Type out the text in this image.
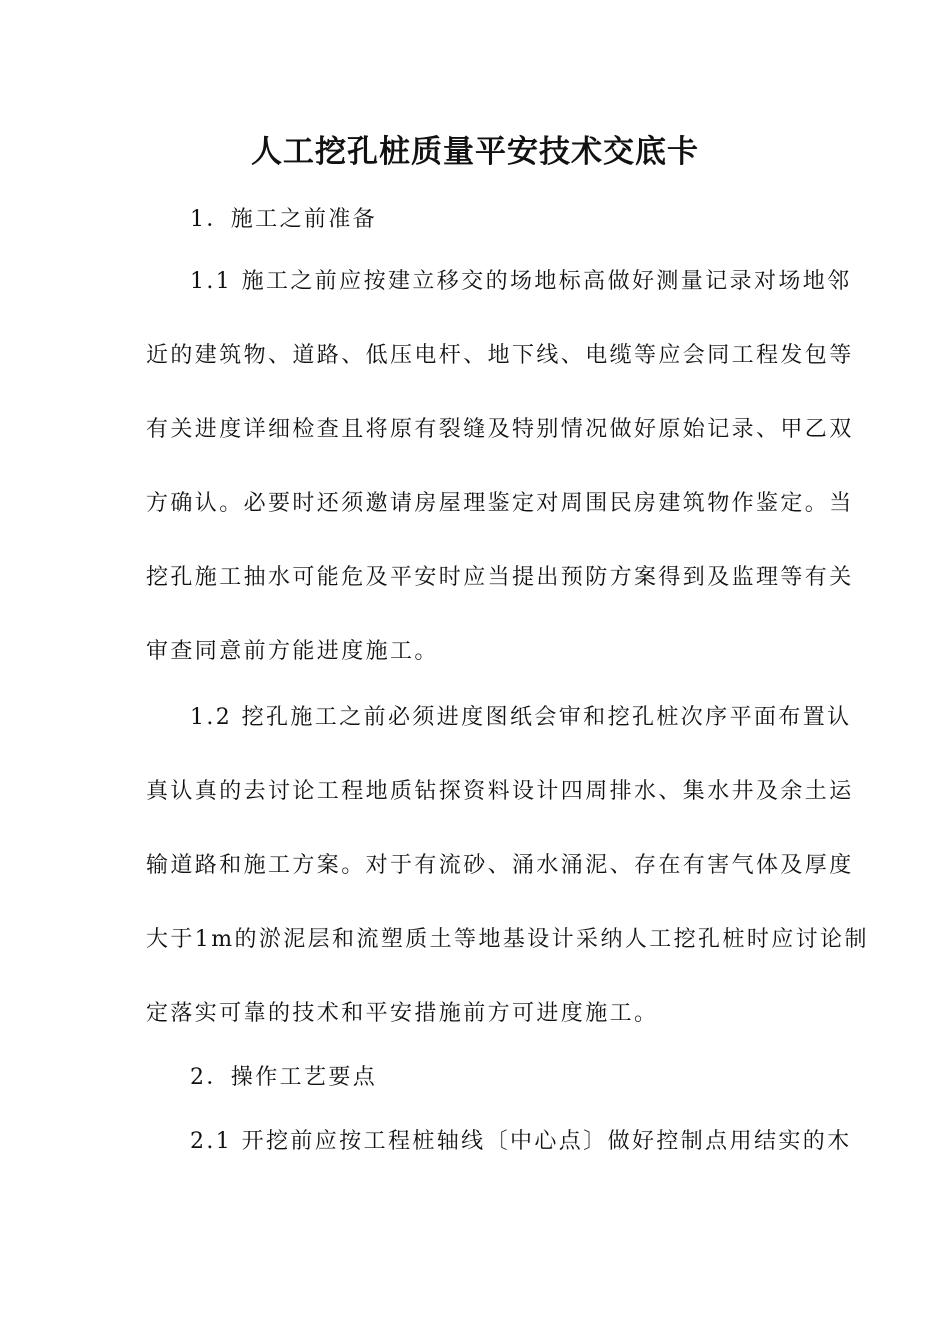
人工挖孔桩质量平安技术交底卡

1．施工之前准备

1.1 施工之前应按建立移交的场地标高做好测量记录对场地邻

近的建筑物、道路、低压电杆、地下线、电缆等应会同工程发包等

有关进度详细检查且将原有裂缝及特别情况做好原始记录、甲乙双

方确认。必要时还须邀请房屋理鉴定对周围民房建筑物作鉴定。当

挖孔施工抽水可能危及平安时应当提出预防方案得到及监理等有关

审查同意前方能进度施工。

1.2 挖孔施工之前必须进度图纸会审和挖孔桩次序平面布置认

真认真的去讨论工程地质钻探资料设计四周排水、集水井及余土运

输道路和施工方案。对于有流砂、涌水涌泥、存在有害气体及厚度

大于1m的淤泥层和流塑质土等地基设计采纳人工挖孔桩时应讨论制

定落实可靠的技术和平安措施前方可进度施工。

2．操作工艺要点

2.1 开挖前应按工程桩轴线〔中心点〕做好控制点用结实的木
